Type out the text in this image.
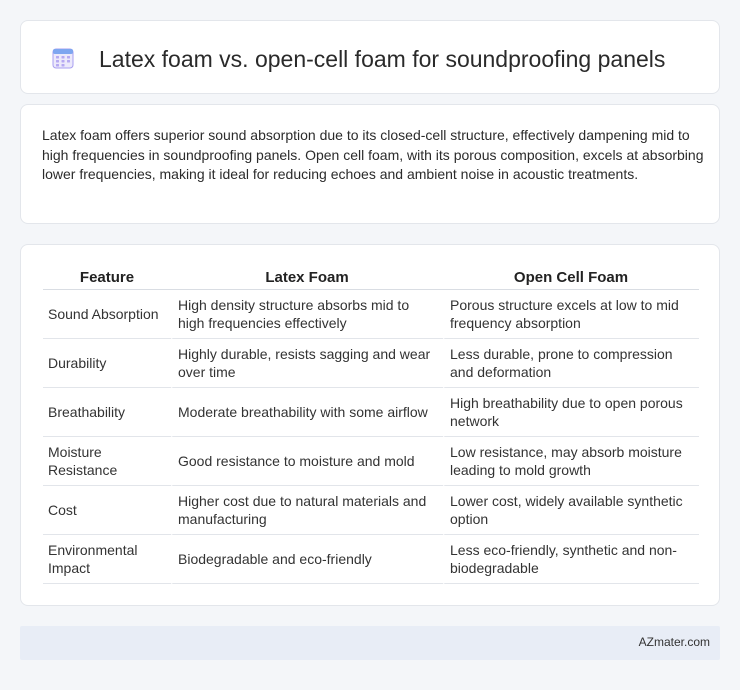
Latex foam vs. open-cell foam for soundproofing panels

Latex foam offers superior sound absorption due to its closed-cell structure, effectively dampening mid to high frequencies in soundproofing panels. Open cell foam, with its porous composition, excels at absorbing lower frequencies, making it ideal for reducing echoes and ambient noise in acoustic treatments.

Feature	Latex Foam	Open Cell Foam
Sound Absorption	High density structure absorbs mid to high frequencies effectively	Porous structure excels at low to mid frequency absorption
Durability	Highly durable, resists sagging and wear over time	Less durable, prone to compression and deformation
Breathability	Moderate breathability with some airflow	High breathability due to open porous network
Moisture Resistance	Good resistance to moisture and mold	Low resistance, may absorb moisture leading to mold growth
Cost	Higher cost due to natural materials and manufacturing	Lower cost, widely available synthetic option
Environmental Impact	Biodegradable and eco-friendly	Less eco-friendly, synthetic and non-biodegradable
AZmater.com
